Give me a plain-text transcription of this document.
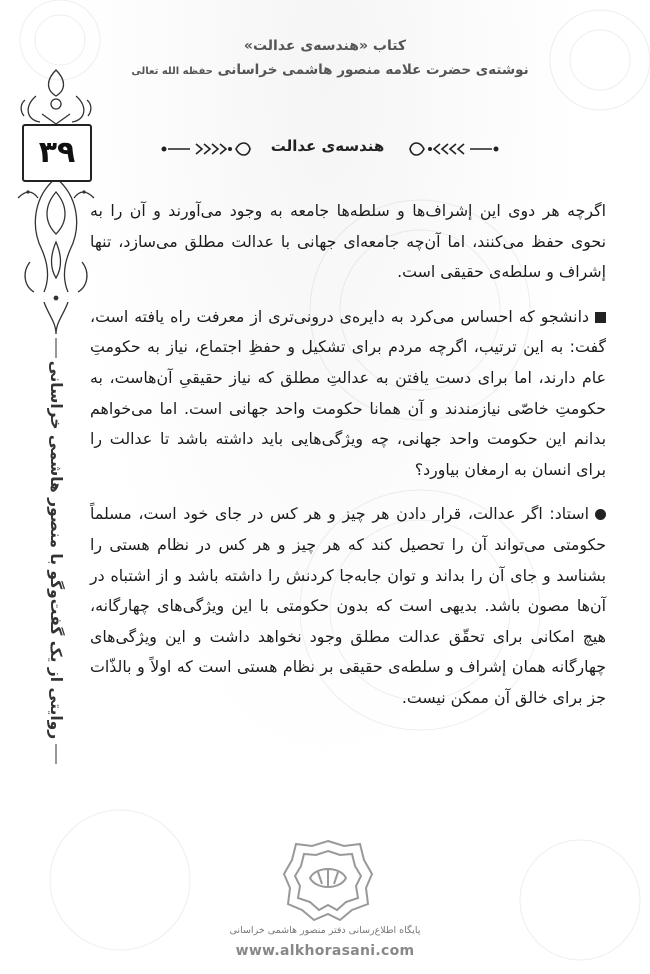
کتاب «هندسه‌ی عدالت»
نوشته‌ی حضرت علامه منصور هاشمی خراسانی حفظه الله تعالی
۳۹	هندسه‌ی عدالت
روایتی از یک گفت‌وگو با منصور هاشمی خراسانی

اگرچه هر دوی این إشراف‌ها و سلطه‌ها جامعه به وجود می‌آورند و آن را به نحوی حفظ می‌کنند، اما آن‌چه جامعه‌ای جهانی با عدالت مطلق می‌سازد، تنها إشراف و سلطه‌ی حقیقی است.

دانشجو که احساس می‌کرد به دایره‌ی درونی‌تری از معرفت راه یافته است، گفت: به این ترتیب، اگرچه مردم برای تشکیل و حفظِ اجتماع، نیاز به حکومتِ عام دارند، اما برای دست یافتن به عدالتِ مطلق که نیاز حقیقیِ آن‌هاست، به حکومتِ خاصّی نیازمندند و آن همانا حکومت واحد جهانی است. اما می‌خواهم بدانم این حکومت واحد جهانی، چه ویژگی‌هایی باید داشته باشد تا عدالت را برای انسان به ارمغان بیاورد؟

استاد: اگر عدالت، قرار دادن هر چیز و هر کس در جای خود است، مسلماً حکومتی می‌تواند آن را تحصیل کند که هر چیز و هر کس در نظام هستی را بشناسد و جای آن را بداند و توان جابه‌جا کردنش را داشته باشد و از اشتباه در آن‌ها مصون باشد. بدیهی است که بدون حکومتی با این ویژگی‌های چهارگانه، هیچ امکانی برای تحقّق عدالت مطلق وجود نخواهد داشت و این ویژگی‌های چهارگانه همان إشراف و سلطه‌ی حقیقی بر نظام هستی است که اولاً و بالذّات جز برای خالق آن ممکن نیست.

پایگاه اطلاع‌رسانی دفتر منصور هاشمی خراسانی
www.alkhorasani.com
